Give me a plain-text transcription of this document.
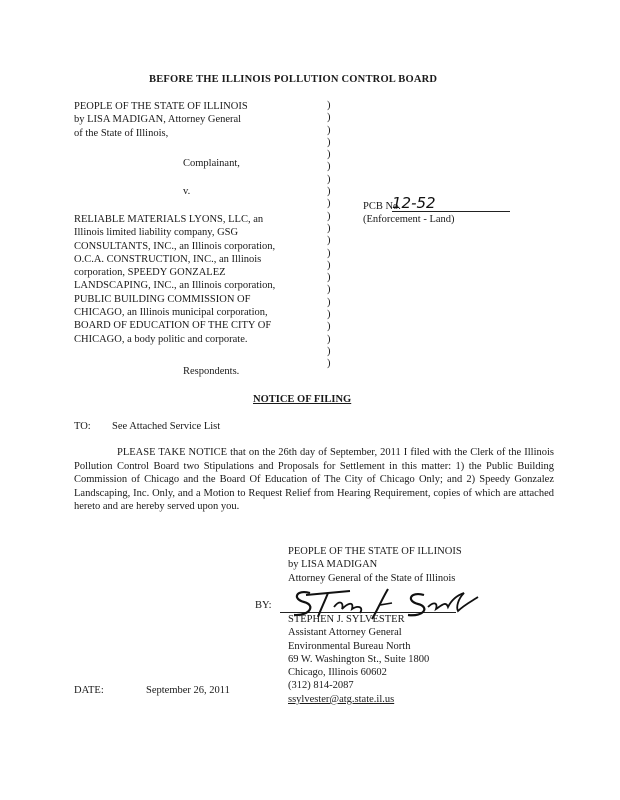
BEFORE THE ILLINOIS POLLUTION CONTROL BOARD
PEOPLE OF THE STATE OF ILLINOIS
by LISA MADIGAN, Attorney General
of the State of Illinois,
Complainant,
v.
RELIABLE MATERIALS LYONS, LLC, an
Illinois limited liability company, GSG
CONSULTANTS, INC., an Illinois corporation,
O.C.A. CONSTRUCTION, INC., an Illinois
corporation, SPEEDY GONZALEZ
LANDSCAPING, INC., an Illinois corporation,
PUBLIC BUILDING COMMISSION OF
CHICAGO, an Illinois municipal corporation,
BOARD OF EDUCATION OF THE CITY OF
CHICAGO, a body politic and corporate.
Respondents.
)
)
)
)
)
)
)
)
)
)
)
)
)
)
)
)
)
)
)
)
)
)
PCB No.
12-52
(Enforcement - Land)
NOTICE OF FILING
TO: See Attached Service List
PLEASE TAKE NOTICE that on the 26th day of September, 2011 I filed with the Clerk of the Illinois Pollution Control Board two Stipulations and Proposals for Settlement in this matter: 1) the Public Building Commission of Chicago and the Board Of Education of The City of Chicago Only; and 2) Speedy Gonzalez Landscaping, Inc. Only, and a Motion to Request Relief from Hearing Requirement, copies of which are attached hereto and are hereby served upon you.
PEOPLE OF THE STATE OF ILLINOIS
by LISA MADIGAN
Attorney General of the State of Illinois
BY:
STEPHEN J. SYLVESTER
Assistant Attorney General
Environmental Bureau North
69 W. Washington St., Suite 1800
Chicago, Illinois 60602
(312) 814-2087
ssylvester@atg.state.il.us
DATE:	September 26, 2011
